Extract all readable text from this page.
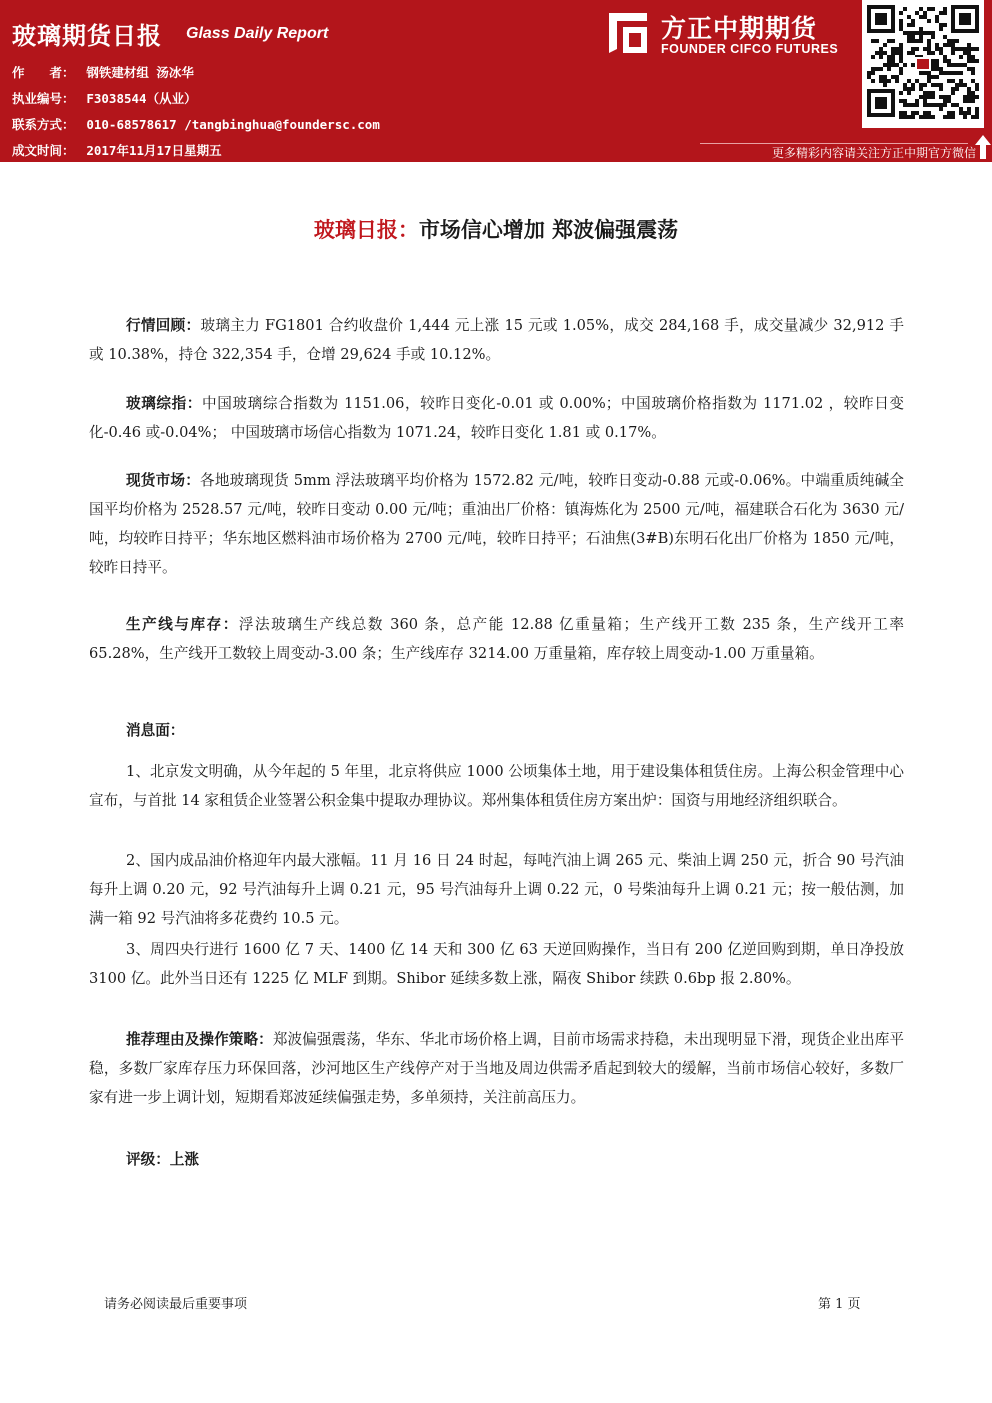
玻璃期货日报 Glass Daily Report
作　　者： 钢铁建材组 汤冰华
执业编号： F3038544（从业）
联系方式： 010-68578617 /tangbinghua@foundersc.com
成文时间： 2017年11月17日星期五
方正中期期货
FOUNDER CIFCO FUTURES
更多精彩内容请关注方正中期官方微信
玻璃日报：市场信心增加 郑波偏强震荡
行情回顾：玻璃主力 FG1801 合约收盘价 1,444 元上涨 15 元或 1.05%，成交 284,168 手，成交量减少 32,912 手或 10.38%，持仓 322,354 手，仓增 29,624 手或 10.12%。
玻璃综指：中国玻璃综合指数为 1151.06，较昨日变化-0.01 或 0.00%；中国玻璃价格指数为 1171.02 ，较昨日变化-0.46 或-0.04%； 中国玻璃市场信心指数为 1071.24，较昨日变化 1.81 或 0.17%。
现货市场：各地玻璃现货 5mm 浮法玻璃平均价格为 1572.82 元/吨，较昨日变动-0.88 元或-0.06%。中端重质纯碱全国平均价格为 2528.57 元/吨，较昨日变动 0.00 元/吨；重油出厂价格：镇海炼化为 2500 元/吨，福建联合石化为 3630 元/吨，均较昨日持平；华东地区燃料油市场价格为 2700 元/吨，较昨日持平；石油焦(3#B)东明石化出厂价格为 1850 元/吨，较昨日持平。
生产线与库存：浮法玻璃生产线总数 360 条，总产能 12.88 亿重量箱；生产线开工数 235 条，生产线开工率 65.28%，生产线开工数较上周变动-3.00 条；生产线库存 3214.00 万重量箱，库存较上周变动-1.00 万重量箱。
消息面：
1、北京发文明确，从今年起的 5 年里，北京将供应 1000 公顷集体土地，用于建设集体租赁住房。上海公积金管理中心宣布，与首批 14 家租赁企业签署公积金集中提取办理协议。郑州集体租赁住房方案出炉：国资与用地经济组织联合。
2、国内成品油价格迎年内最大涨幅。11 月 16 日 24 时起，每吨汽油上调 265 元、柴油上调 250 元，折合 90 号汽油每升上调 0.20 元，92 号汽油每升上调 0.21 元，95 号汽油每升上调 0.22 元，0 号柴油每升上调 0.21 元；按一般估测，加满一箱 92 号汽油将多花费约 10.5 元。
3、周四央行进行 1600 亿 7 天、1400 亿 14 天和 300 亿 63 天逆回购操作，当日有 200 亿逆回购到期，单日净投放 3100 亿。此外当日还有 1225 亿 MLF 到期。Shibor 延续多数上涨，隔夜 Shibor 续跌 0.6bp 报 2.80%。
推荐理由及操作策略：郑波偏强震荡，华东、华北市场价格上调，目前市场需求持稳，未出现明显下滑，现货企业出库平稳，多数厂家库存压力环保回落，沙河地区生产线停产对于当地及周边供需矛盾起到较大的缓解，当前市场信心较好，多数厂家有进一步上调计划，短期看郑波延续偏强走势，多单须持，关注前高压力。
评级：上涨
请务必阅读最后重要事项	第 1 页
